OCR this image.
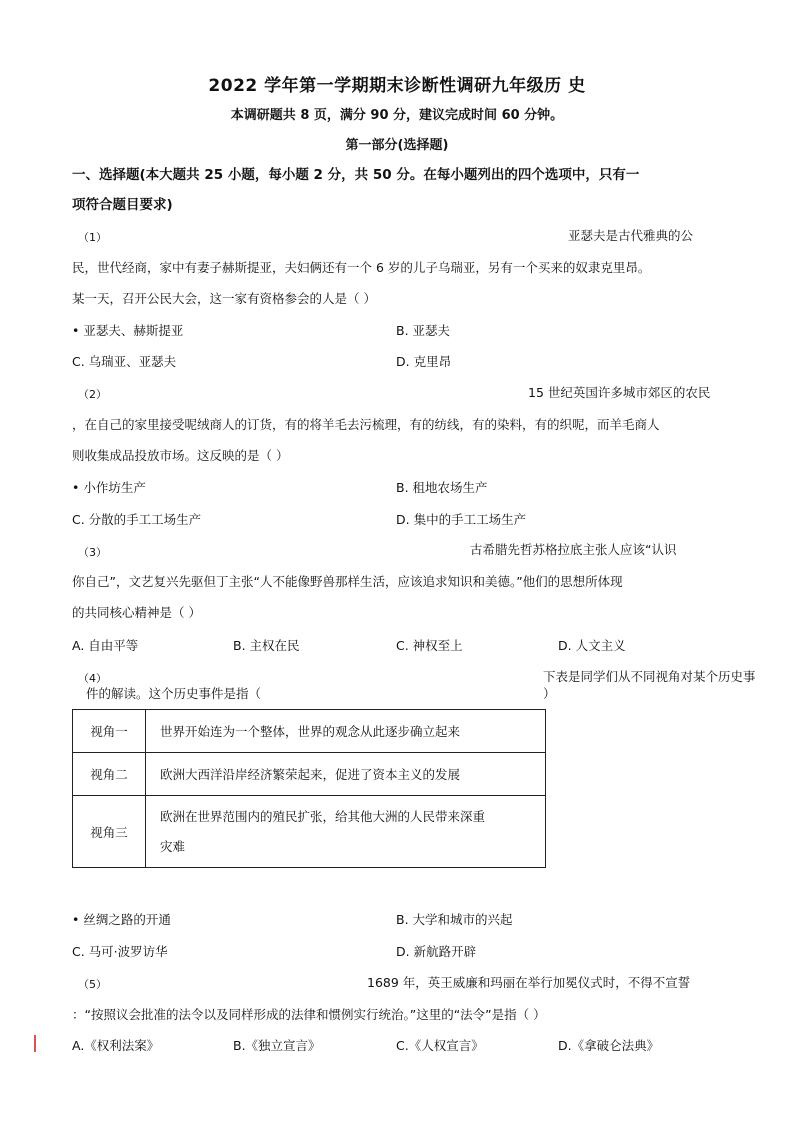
2022 学年第一学期期末诊断性调研九年级历 史
本调研题共 8 页，满分 90 分，建议完成时间 60 分钟。
第一部分(选择题)
一、选择题(本大题共 25 小题，每小题 2 分，共 50 分。在每小题列出的四个选项中，只有一
项符合题目要求)
（1）	亚瑟夫是古代雅典的公
民，世代经商，家中有妻子赫斯提亚，夫妇俩还有一个 6 岁的儿子乌瑞亚，另有一个买来的奴隶克里昂。
某一天，召开公民大会，这一家有资格参会的人是（ ）
• 亚瑟夫、赫斯提亚	B. 亚瑟夫
C. 乌瑞亚、亚瑟夫	D. 克里昂
（2）	15 世纪英国许多城市郊区的农民
，在自己的家里接受呢绒商人的订货，有的将羊毛去污梳理，有的纺线，有的染料，有的织呢，而羊毛商人
则收集成品投放市场。这反映的是（ ）
• 小作坊生产	B. 租地农场生产
C. 分散的手工工场生产	D. 集中的手工工场生产
（3）	古希腊先哲苏格拉底主张人应该“认识
你自己”，文艺复兴先驱但丁主张“人不能像野兽那样生活，应该追求知识和美德。”他们的思想所体现
的共同核心精神是（ ）
A. 自由平等	B. 主权在民	C. 神权至上	D. 人文主义
（4）	下表是同学们从不同视角对某个历史事
件的解读。这个历史事件是指（	）
视角一	世界开始连为一个整体，世界的观念从此逐步确立起来
视角二	欧洲大西洋沿岸经济繁荣起来，促进了资本主义的发展
视角三	欧洲在世界范围内的殖民扩张，给其他大洲的人民带来深重
灾难
• 丝绸之路的开通	B. 大学和城市的兴起
C. 马可·波罗访华	D. 新航路开辟
（5）	1689 年，英王威廉和玛丽在举行加冕仪式时，不得不宣誓
：“按照议会批准的法令以及同样形成的法律和惯例实行统治。”这里的“法令”是指（ ）
A.《权利法案》	B.《独立宣言》	C.《人权宣言》	D.《拿破仑法典》
